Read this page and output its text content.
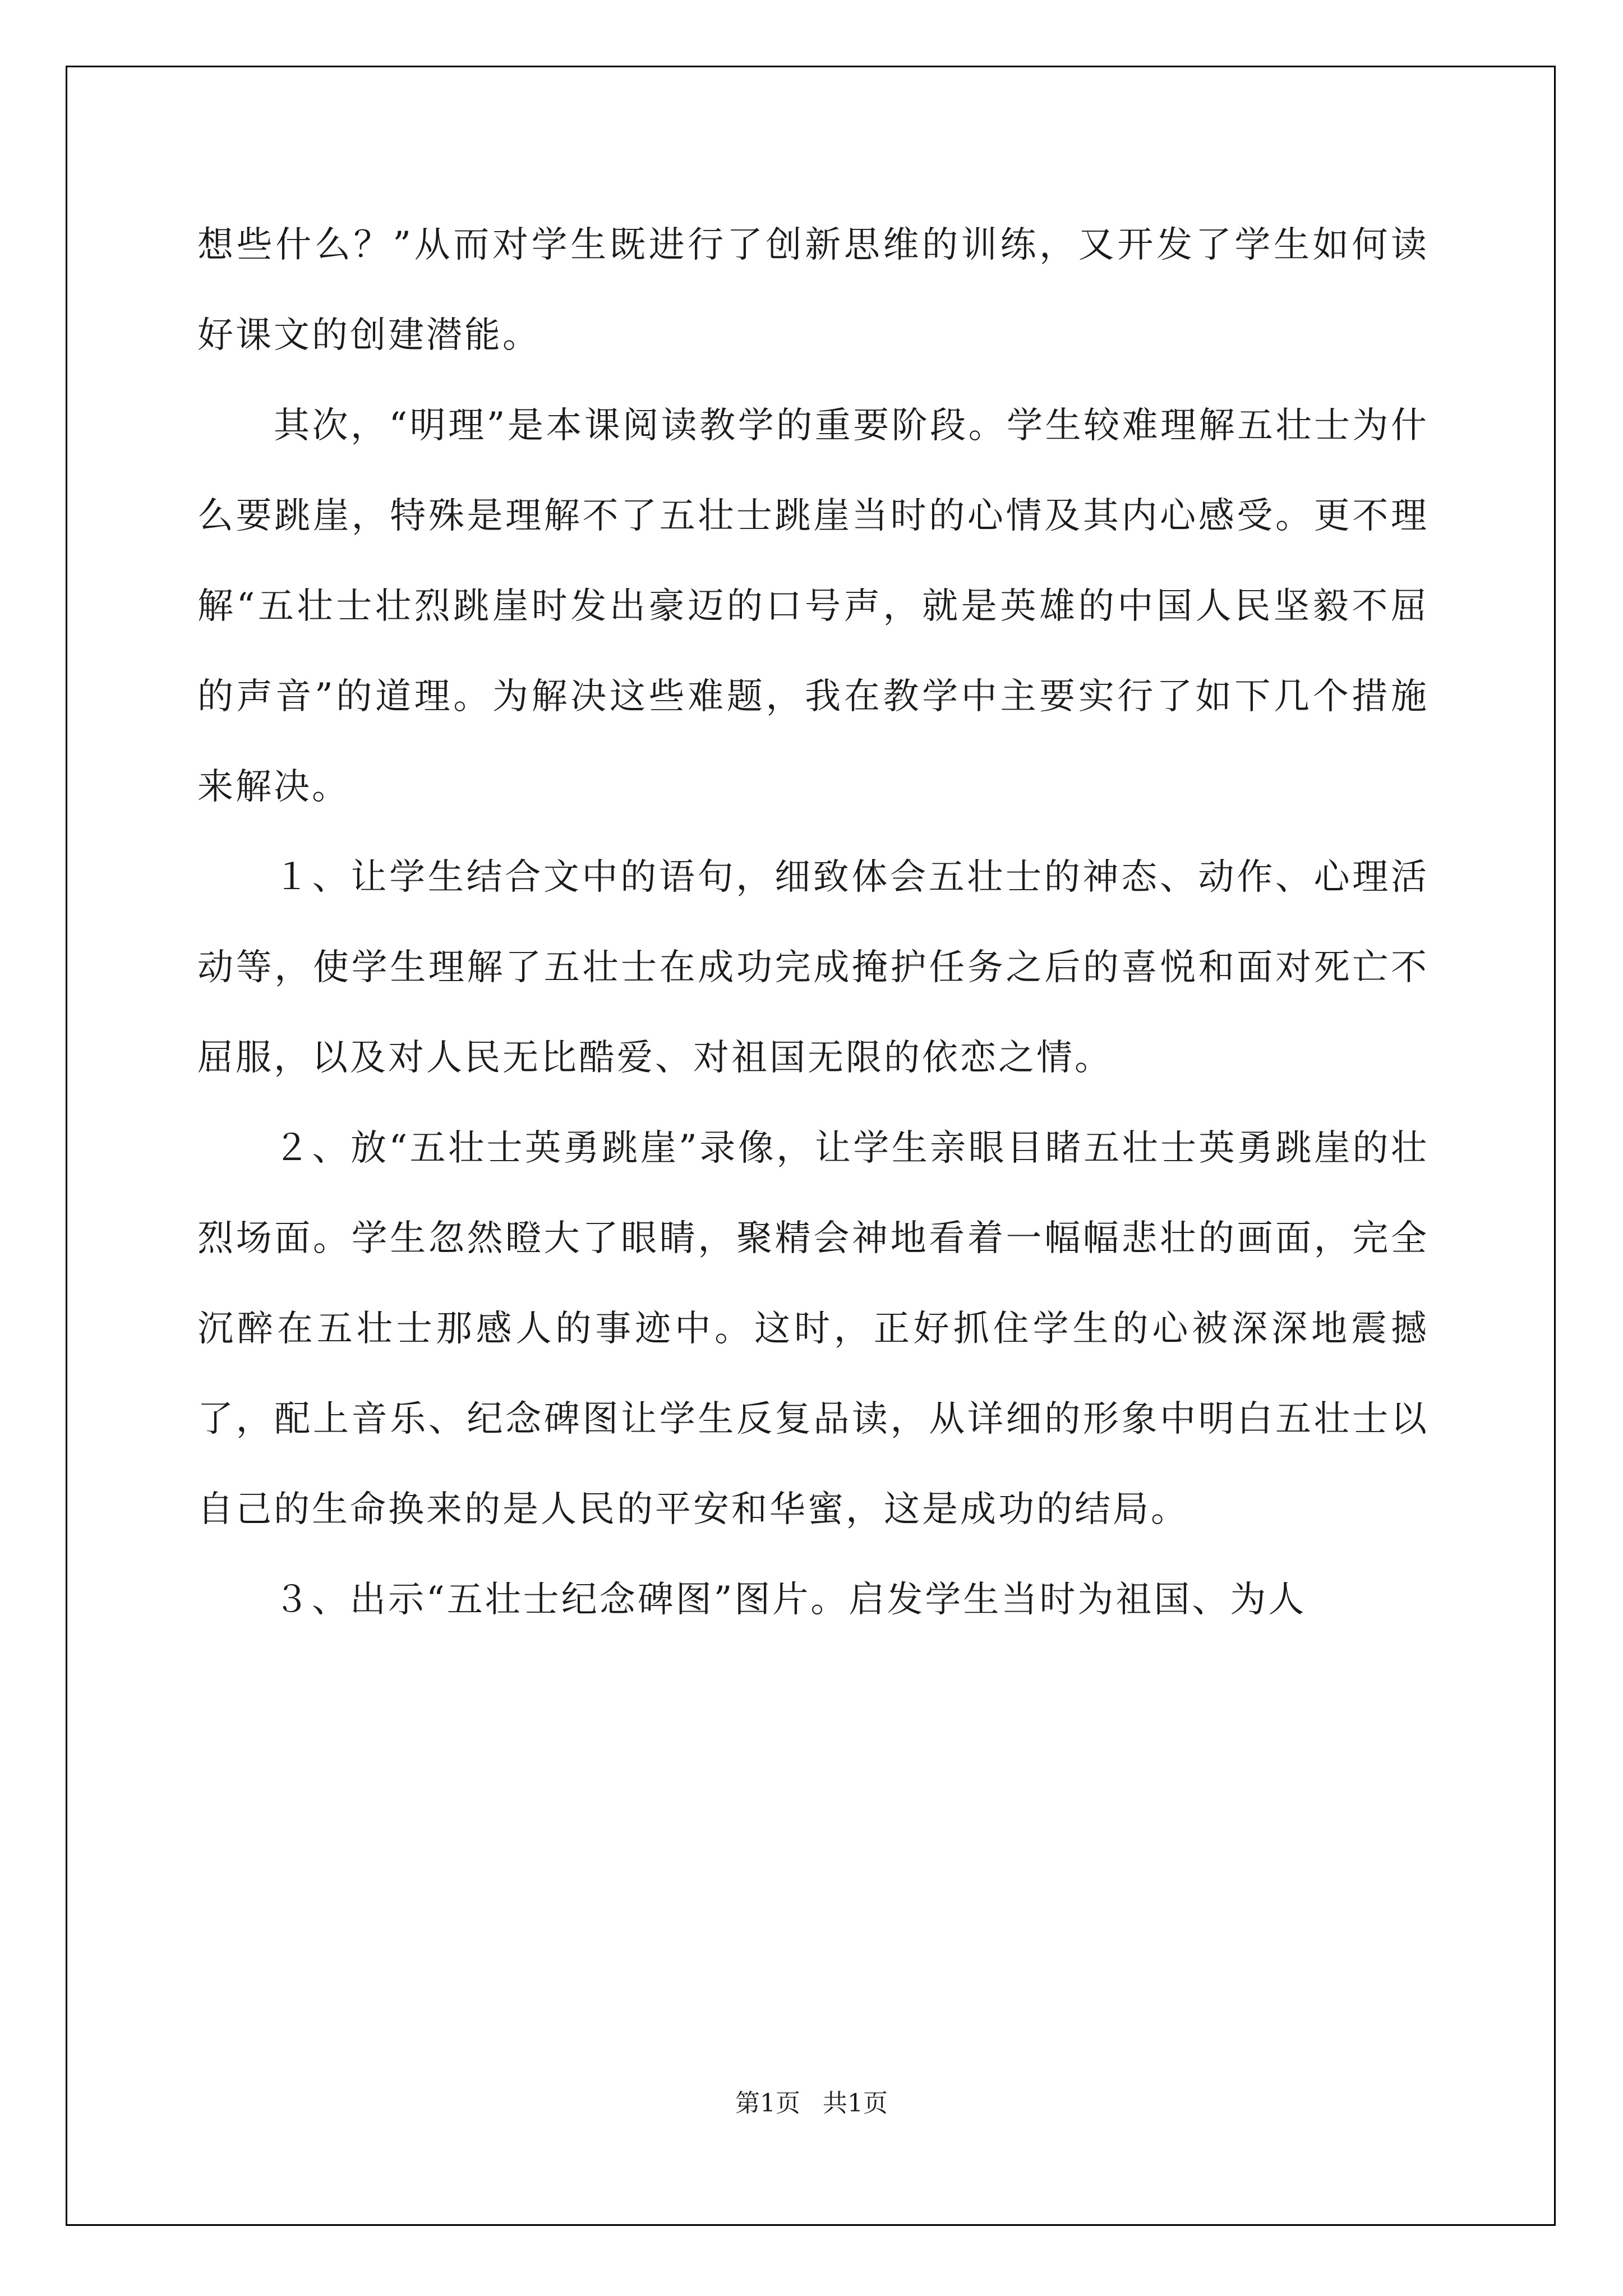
想些什么？”从而对学生既进行了创新思维的训练，又开发了学生如何读好课文的创建潜能。

其次，“明理”是本课阅读教学的重要阶段。学生较难理解五壮士为什么要跳崖，特殊是理解不了五壮士跳崖当时的心情及其内心感受。更不理解“五壮士壮烈跳崖时发出豪迈的口号声，就是英雄的中国人民坚毅不屈的声音”的道理。为解决这些难题，我在教学中主要实行了如下几个措施来解决。

１、让学生结合文中的语句，细致体会五壮士的神态、动作、心理活动等，使学生理解了五壮士在成功完成掩护任务之后的喜悦和面对死亡不屈服，以及对人民无比酷爱、对祖国无限的依恋之情。

２、放“五壮士英勇跳崖”录像，让学生亲眼目睹五壮士英勇跳崖的壮烈场面。学生忽然瞪大了眼睛，聚精会神地看着一幅幅悲壮的画面，完全沉醉在五壮士那感人的事迹中。这时，正好抓住学生的心被深深地震撼了，配上音乐、纪念碑图让学生反复品读，从详细的形象中明白五壮士以自己的生命换来的是人民的平安和华蜜，这是成功的结局。

３、出示“五壮士纪念碑图”图片。启发学生当时为祖国、为人

第1页 共1页
